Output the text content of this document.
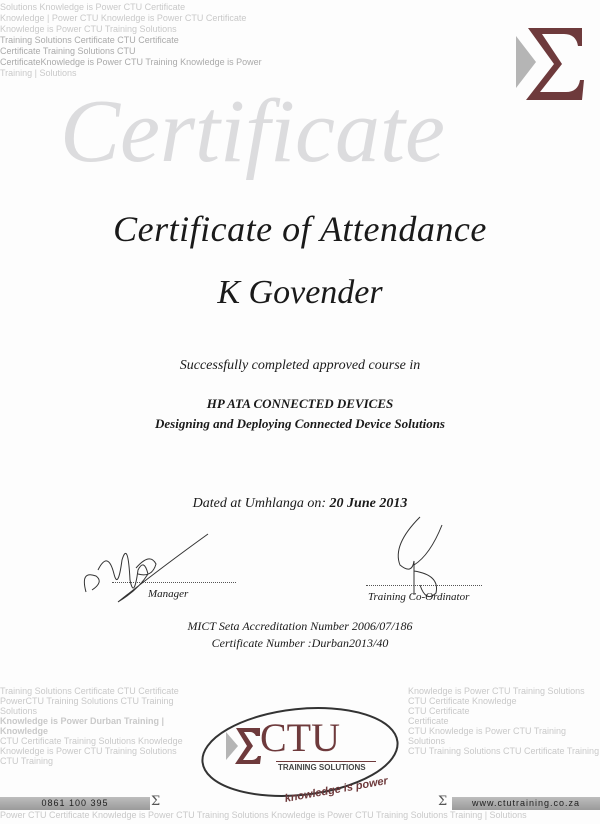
Solutions Knowledge is Power CTU Certificate
Knowledge | Power CTU Knowledge is Power CTU Certificate
Knowledge is Power CTU Training Solutions
Training Solutions Certificate CTU Certificate
Certificate Training Solutions CTU
CertificateKnowledge is Power CTU Training Knowledge is Power
Training | Solutions
Certificate
Certificate of Attendance
K Govender
Successfully completed approved course in
HP ATA CONNECTED DEVICES
Designing and Deploying Connected Device Solutions
Dated at Umhlanga on: 20 June 2013
Manager	Training Co-Ordinator
MICT Seta Accreditation Number 2006/07/186
Certificate Number :Durban2013/40
Training Solutions Certificate CTU Certificate
PowerCTU Training Solutions CTU Training Solutions
Knowledge is Power Durban Training | Knowledge
CTU Certificate Training Solutions Knowledge
Knowledge is Power CTU Training Solutions CTU Training
Knowledge is Power CTU Training Solutions CTU Certificate Knowledge
CTU Certificate
Certificate
CTU Knowledge is Power CTU Training Solutions
CTU Training Solutions CTU Certificate Training
Power CTU Certificate Knowledge is Power CTU Training Solutions Knowledge is Power CTU Training Solutions Training | Solutions
CTU
TRAINING SOLUTIONS
knowledge is power
0861 100 395	Σ	Σ	www.ctutraining.co.za
